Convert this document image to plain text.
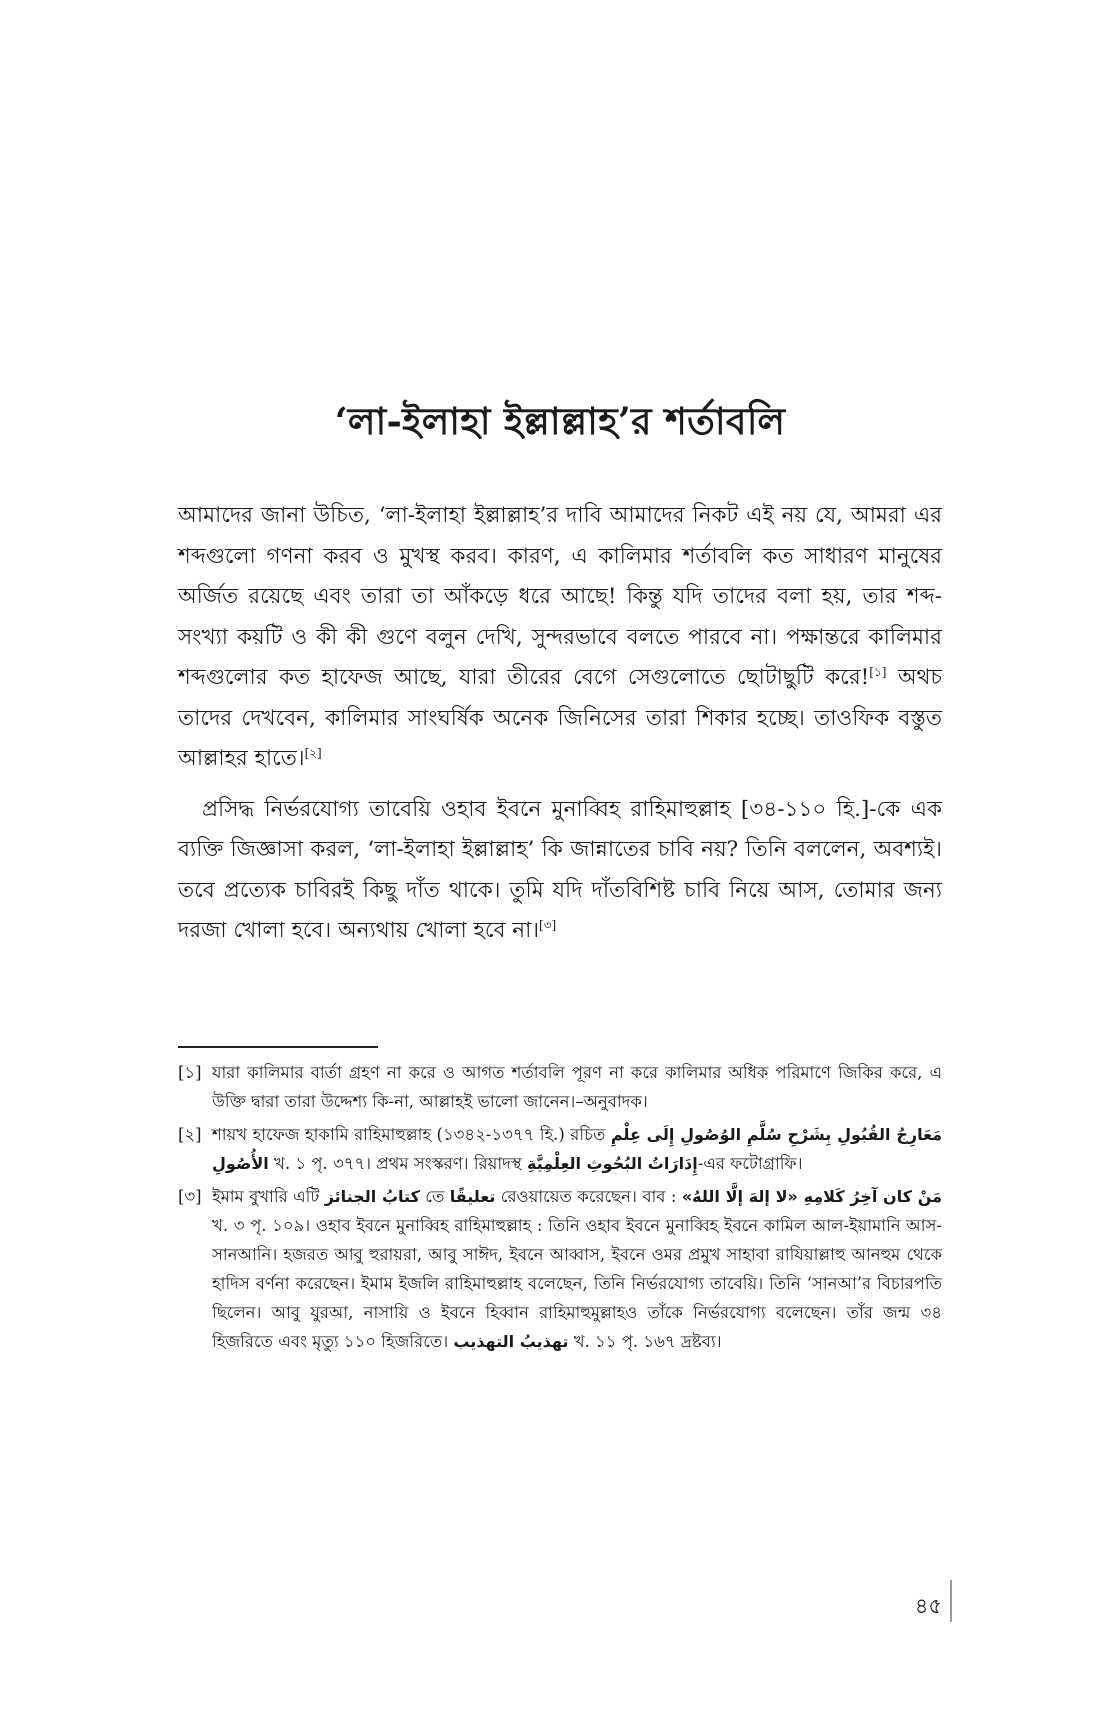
‘লা-ইলাহা ইল্লাল্লাহ’র শর্তাবলি

আমাদের জানা উচিত, ‘লা-ইলাহা ইল্লাল্লাহ’র দাবি আমাদের নিকট এই নয় যে, আমরা এর শব্দগুলো গণনা করব ও মুখস্থ করব। কারণ, এ কালিমার শর্তাবলি কত সাধারণ মানুষের অর্জিত রয়েছে এবং তারা তা আঁকড়ে ধরে আছে! কিন্তু যদি তাদের বলা হয়, তার শব্দ-সংখ্যা কয়টি ও কী কী গুণে বলুন দেখি, সুন্দরভাবে বলতে পারবে না। পক্ষান্তরে কালিমার শব্দগুলোর কত হাফেজ আছে, যারা তীরের বেগে সেগুলোতে ছোটাছুটি করে![১] অথচ তাদের দেখবেন, কালিমার সাংঘর্ষিক অনেক জিনিসের তারা শিকার হচ্ছে। তাওফিক বস্তুত আল্লাহর হাতে।[২]

প্রসিদ্ধ নির্ভরযোগ্য তাবেয়ি ওহাব ইবনে মুনাব্বিহ রাহিমাহুল্লাহ [৩৪-১১০ হি.]-কে এক ব্যক্তি জিজ্ঞাসা করল, ‘লা-ইলাহা ইল্লাল্লাহ’ কি জান্নাতের চাবি নয়? তিনি বললেন, অবশ্যই। তবে প্রত্যেক চাবিরই কিছু দাঁত থাকে। তুমি যদি দাঁতবিশিষ্ট চাবি নিয়ে আস, তোমার জন্য দরজা খোলা হবে। অন্যথায় খোলা হবে না।[৩]

[১] যারা কালিমার বার্তা গ্রহণ না করে ও আগত শর্তাবলি পূরণ না করে কালিমার অধিক পরিমাণে জিকির করে, এ উক্তি দ্বারা তারা উদ্দেশ্য কি-না, আল্লাহই ভালো জানেন।–অনুবাদক।
[২] শায়খ হাফেজ হাকামি রাহিমাহুল্লাহ (১৩৪২-১৩৭৭ হি.) রচিত مَعَارِجُ القُبُولِ بِشَرْحِ سُلَّمِ الوُصُولِ إِلَى عِلْمِ الأُصُولِ খ. ১ পৃ. ৩৭৭। প্রথম সংস্করণ। রিয়াদস্থ إِدَارَاتُ البُحُوثِ العِلْمِيَّةِ-এর ফটোগ্রাফি।
[৩] ইমাম বুখারি এটি كتابُ الجنائز তে تعليقًا রেওয়ায়েত করেছেন। বাব : مَنْ كان آخِرُ كَلامِهِ «لا إلهَ إلَّا اللهُ» খ. ৩ পৃ. ১০৯। ওহাব ইবনে মুনাব্বিহ রাহিমাহুল্লাহ : তিনি ওহাব ইবনে মুনাব্বিহ ইবনে কামিল আল-ইয়ামানি আস-সানআনি। হজরত আবু হুরায়রা, আবু সাঈদ, ইবনে আব্বাস, ইবনে ওমর প্রমুখ সাহাবা রাযিয়াল্লাহু আনহুম থেকে হাদিস বর্ণনা করেছেন। ইমাম ইজলি রাহিমাহুল্লাহ বলেছেন, তিনি নির্ভরযোগ্য তাবেয়ি। তিনি ‘সানআ’র বিচারপতি ছিলেন। আবু যুরআ, নাসায়ি ও ইবনে হিব্বান রাহিমাহুমুল্লাহও তাঁকে নির্ভরযোগ্য বলেছেন। তাঁর জন্ম ৩৪ হিজরিতে এবং মৃত্যু ১১০ হিজরিতে। تهذيبُ التهذيب খ. ১১ পৃ. ১৬৭ দ্রষ্টব্য।
৪৫
